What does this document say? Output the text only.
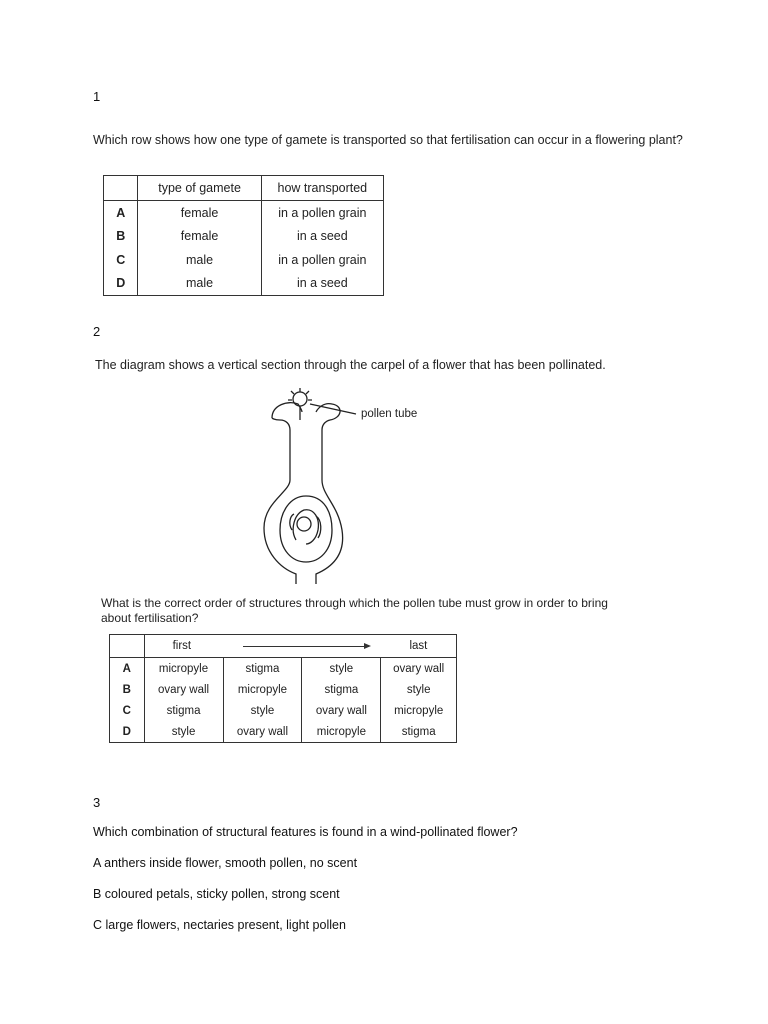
1
Which row shows how one type of gamete is transported so that fertilisation can occur in a flowering plant?
	type of gamete	how transported
A	female	in a pollen grain
B	female	in a seed
C	male	in a pollen grain
D	male	in a seed
2
The diagram shows a vertical section through the carpel of a flower that has been pollinated.
pollen tube
What is the correct order of structures through which the pollen tube must grow in order to bring about fertilisation?

	first			last
A	micropyle	stigma	style	ovary wall
B	ovary wall	micropyle	stigma	style
C	stigma	style	ovary wall	micropyle
D	style	ovary wall	micropyle	stigma
3
Which combination of structural features is found in a wind-pollinated flower?
A anthers inside flower, smooth pollen, no scent
B coloured petals, sticky pollen, strong scent
C large flowers, nectaries present, light pollen
